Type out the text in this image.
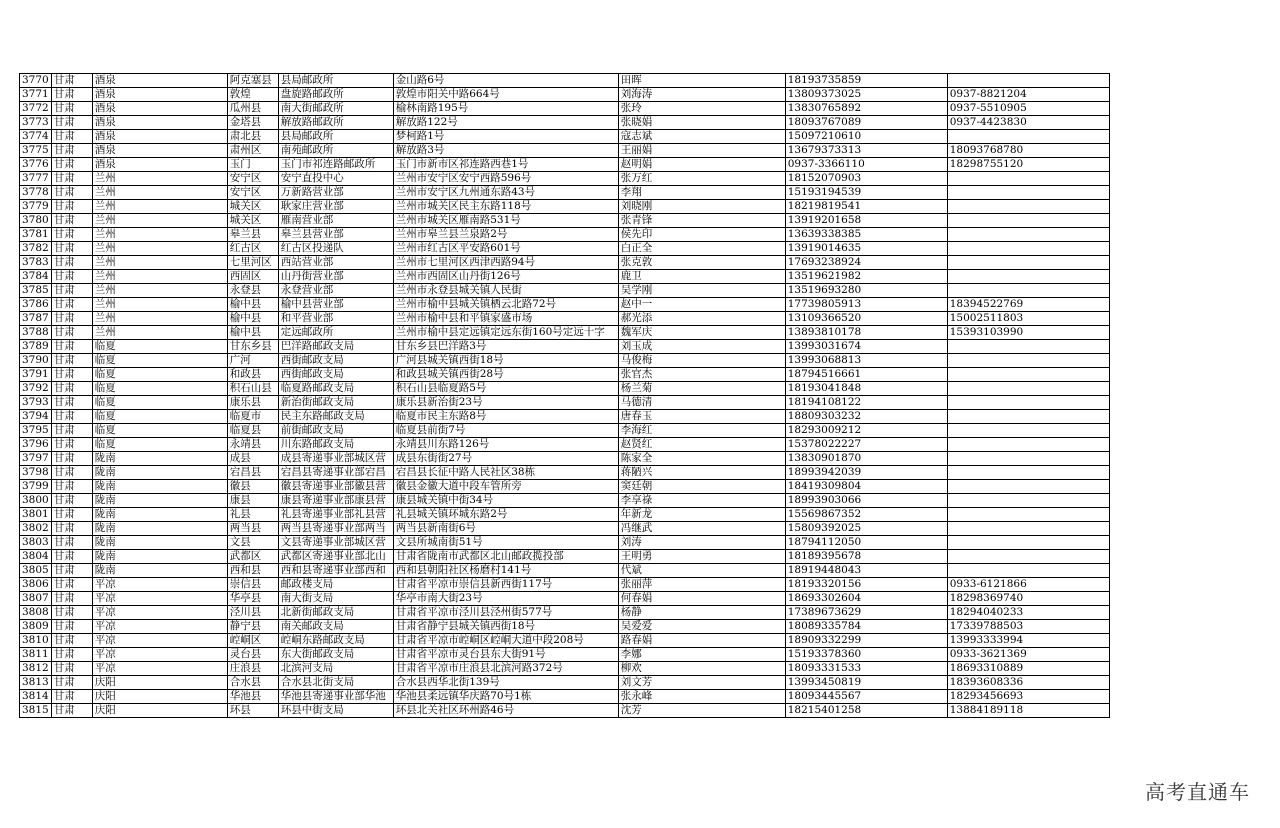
3770	甘肃	酒泉	阿克塞县	县局邮政所	金山路6号	田晖	18193735859	
3771	甘肃	酒泉	敦煌	盘旋路邮政所	敦煌市阳关中路664号	刘海涛	13809373025	0937-8821204
3772	甘肃	酒泉	瓜州县	南大街邮政所	榆林南路195号	张玲	13830765892	0937-5510905
3773	甘肃	酒泉	金塔县	解放路邮政所	解放路122号	张晓娟	18093767089	0937-4423830
3774	甘肃	酒泉	肃北县	县局邮政所	梦柯路1号	寇志斌	15097210610	
3775	甘肃	酒泉	肃州区	南苑邮政所	解放路3号	王丽娟	13679373313	18093768780
3776	甘肃	酒泉	玉门	玉门市祁连路邮政所	玉门市新市区祁连路西巷1号	赵明娟	0937-3366110	18298755120
3777	甘肃	兰州	安宁区	安宁直投中心	兰州市安宁区安宁西路596号	张万红	18152070903	
3778	甘肃	兰州	安宁区	万新路营业部	兰州市安宁区九州通东路43号	李翔	15193194539	
3779	甘肃	兰州	城关区	耿家庄营业部	兰州市城关区民主东路118号	刘晓刚	18219819541	
3780	甘肃	兰州	城关区	雁南营业部	兰州市城关区雁南路531号	张青锋	13919201658	
3781	甘肃	兰州	皋兰县	皋兰县营业部	兰州市皋兰县兰泉路2号	侯先印	13639338385	
3782	甘肃	兰州	红古区	红古区投递队	兰州市红古区平安路601号	白正全	13919014635	
3783	甘肃	兰州	七里河区	西站营业部	兰州市七里河区西津西路94号	张克敦	17693238924	
3784	甘肃	兰州	西固区	山丹街营业部	兰州市西固区山丹街126号	鹿卫	13519621982	
3785	甘肃	兰州	永登县	永登营业部	兰州市永登县城关镇人民街	吴学刚	13519693280	
3786	甘肃	兰州	榆中县	榆中县营业部	兰州市榆中县城关镇栖云北路72号	赵中一	17739805913	18394522769
3787	甘肃	兰州	榆中县	和平营业部	兰州市榆中县和平镇家盛市场	郝光添	13109366520	15002511803
3788	甘肃	兰州	榆中县	定远邮政所	兰州市榆中县定远镇定远东街160号定远十字	魏军庆	13893810178	15393103990
3789	甘肃	临夏	甘东乡县	巴洋路邮政支局	甘东乡县巴洋路3号	刘玉成	13993031674	
3790	甘肃	临夏	广河	西街邮政支局	广河县城关镇西街18号	马俊梅	13993068813	
3791	甘肃	临夏	和政县	西街邮政支局	和政县城关镇西街28号	张官杰	18794516661	
3792	甘肃	临夏	积石山县	临夏路邮政支局	积石山县临夏路5号	杨兰菊	18193041848	
3793	甘肃	临夏	康乐县	新治街邮政支局	康乐县新治街23号	马德清	18194108122	
3794	甘肃	临夏	临夏市	民主东路邮政支局	临夏市民主东路8号	唐春玉	18809303232	
3795	甘肃	临夏	临夏县	前街邮政支局	临夏县前街7号	李海红	18293009212	
3796	甘肃	临夏	永靖县	川东路邮政支局	永靖县川东路126号	赵贤红	15378022227	
3797	甘肃	陇南	成县	成县寄递事业部城区营	成县东街街27号	陈家全	13830901870	
3798	甘肃	陇南	宕昌县	宕昌县寄递事业部宕昌	宕昌县长征中路人民社区38栋	蒋陋兴	18993942039	
3799	甘肃	陇南	徽县	徽县寄递事业部徽县营	徽县金徽大道中段车管所旁	窦廷朝	18419309804	
3800	甘肃	陇南	康县	康县寄递事业部康县营	康县城关镇中街34号	李享祿	18993903066	
3801	甘肃	陇南	礼县	礼县寄递事业部礼县营	礼县城关镇环城东路2号	年新龙	15569867352	
3802	甘肃	陇南	两当县	两当县寄递事业部两当	两当县新南街6号	冯继武	15809392025	
3803	甘肃	陇南	文县	文县寄递事业部城区营	文县所城南街51号	刘涛	18794112050	
3804	甘肃	陇南	武都区	武都区寄递事业部北山	甘肃省陇南市武都区北山邮政揽投部	王明勇	18189395678	
3805	甘肃	陇南	西和县	西和县寄递事业部西和	西和县朝阳社区杨磨村141号	代斌	18919448043	
3806	甘肃	平凉	崇信县	邮政楼支局	甘肃省平凉市崇信县新西街117号	张丽萍	18193320156	0933-6121866
3807	甘肃	平凉	华亭县	南大街支局	华亭市南大街23号	何春娟	18693302604	18298369740
3808	甘肃	平凉	泾川县	北新街邮政支局	甘肃省平凉市泾川县泾州街577号	杨静	17389673629	18294040233
3809	甘肃	平凉	静宁县	南关邮政支局	甘肃省静宁县城关镇西街18号	吴爱爱	18089335784	17339788503
3810	甘肃	平凉	崆峒区	崆峒东路邮政支局	甘肃省平凉市崆峒区崆峒大道中段208号	路春娟	18909332299	13993333994
3811	甘肃	平凉	灵台县	东大街邮政支局	甘肃省平凉市灵台县东大街91号	李娜	15193378360	0933-3621369
3812	甘肃	平凉	庄浪县	北滨河支局	甘肃省平凉市庄浪县北滨河路372号	柳欢	18093331533	18693310889
3813	甘肃	庆阳	合水县	合水县北街支局	合水县西华北街139号	刘文芳	13993450819	18393608336
3814	甘肃	庆阳	华池县	华池县寄递事业部华池	华池县柔远镇华庆路70号1栋	张永峰	18093445567	18293456693
3815	甘肃	庆阳	环县	环县中街支局	环县北关社区环州路46号	沈芳	18215401258	13884189118
高考直通车
